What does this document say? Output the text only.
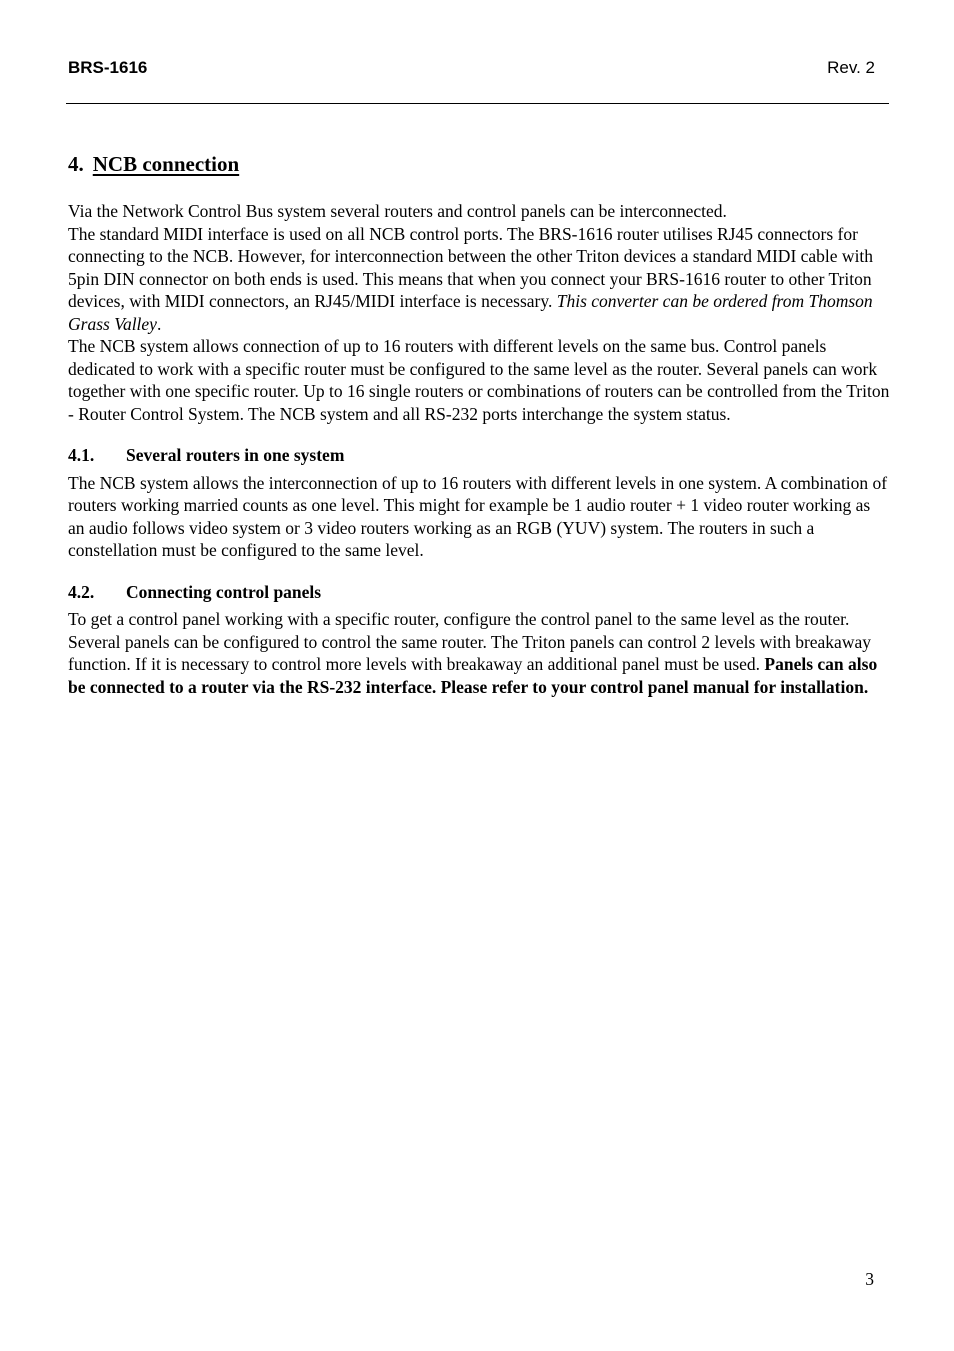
BRS-1616	Rev. 2
4. NCB connection

Via the Network Control Bus system several routers and control panels can be interconnected.

The standard MIDI interface is used on all NCB control ports. The BRS-1616 router utilises RJ45 connectors for connecting to the NCB. However, for interconnection between the other Triton devices a standard MIDI cable with 5pin DIN connector on both ends is used. This means that when you connect your BRS-1616 router to other Triton devices, with MIDI connectors, an RJ45/MIDI interface is necessary. This converter can be ordered from Thomson Grass Valley.

The NCB system allows connection of up to 16 routers with different levels on the same bus. Control panels dedicated to work with a specific router must be configured to the same level as the router. Several panels can work together with one specific router. Up to 16 single routers or combinations of routers can be controlled from the Triton - Router Control System. The NCB system and all RS-232 ports interchange the system status.

4.1. Several routers in one system

The NCB system allows the interconnection of up to 16 routers with different levels in one system. A combination of routers working married counts as one level. This might for example be 1 audio router + 1 video router working as an audio follows video system or 3 video routers working as an RGB (YUV) system. The routers in such a constellation must be configured to the same level.

4.2. Connecting control panels

To get a control panel working with a specific router, configure the control panel to the same level as the router. Several panels can be configured to control the same router. The Triton panels can control 2 levels with breakaway function. If it is necessary to control more levels with breakaway an additional panel must be used. Panels can also be connected to a router via the RS-232 interface. Please refer to your control panel manual for installation.

3
